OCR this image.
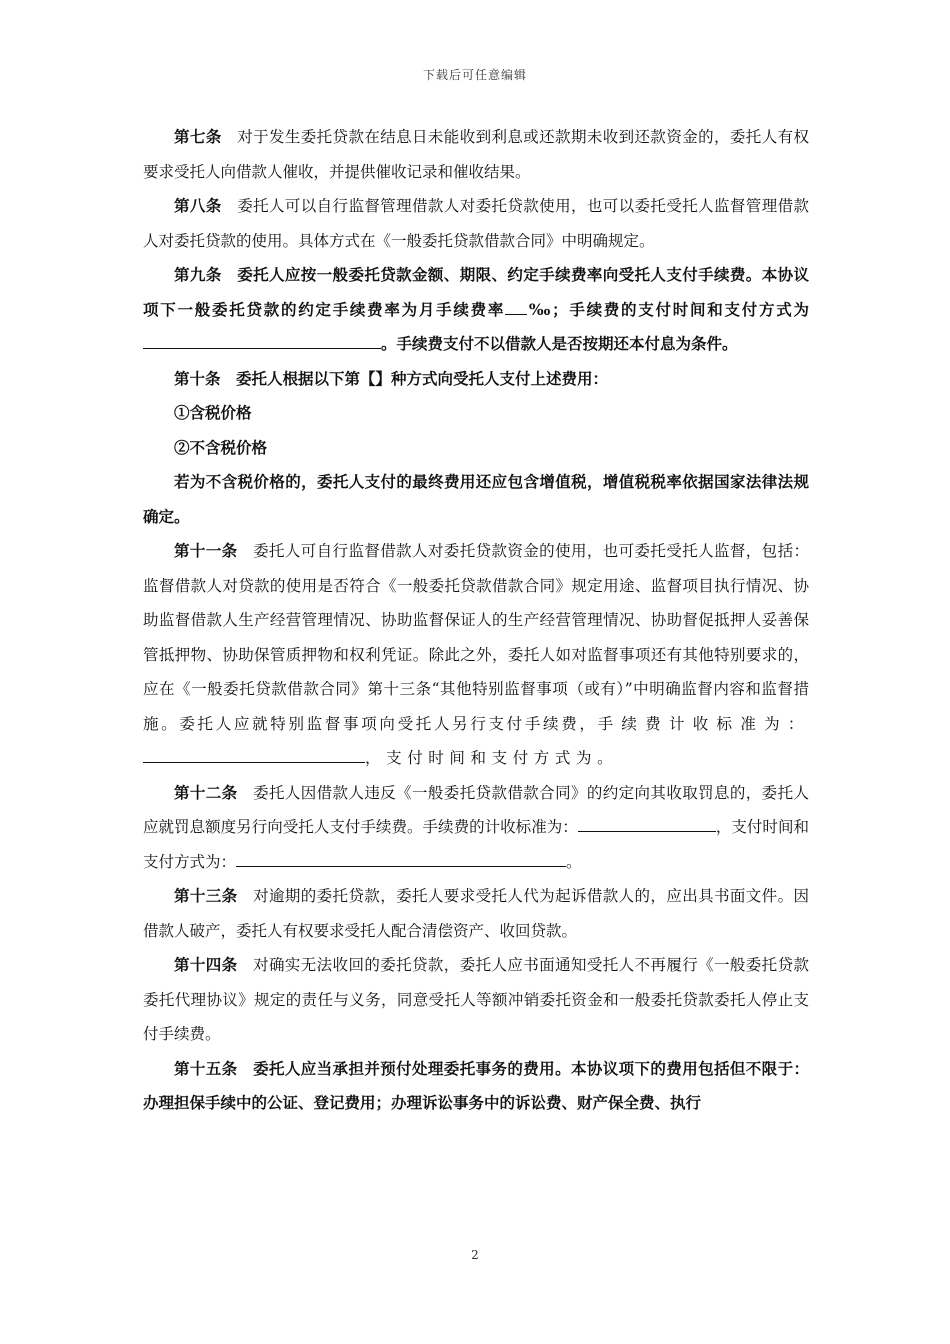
下载后可任意编辑

第七条 对于发生委托贷款在结息日未能收到利息或还款期未收到还款资金的，委托人有权要求受托人向借款人催收，并提供催收记录和催收结果。

第八条 委托人可以自行监督管理借款人对委托贷款使用，也可以委托受托人监督管理借款人对委托贷款的使用。具体方式在《一般委托贷款借款合同》中明确规定。

第九条 委托人应按一般委托贷款金额、期限、约定手续费率向受托人支付手续费。本协议项下一般委托贷款的约定手续费率为月手续费率 ‰；手续费的支付时间和支付方式为。手续费支付不以借款人是否按期还本付息为条件。

第十条 委托人根据以下第【】种方式向受托人支付上述费用：

①含税价格

②不含税价格

若为不含税价格的，委托人支付的最终费用还应包含增值税，增值税税率依据国家法律法规确定。

第十一条 委托人可自行监督借款人对委托贷款资金的使用，也可委托受托人监督，包括：监督借款人对贷款的使用是否符合《一般委托贷款借款合同》规定用途、监督项目执行情况、协助监督借款人生产经营管理情况、协助监督保证人的生产经营管理情况、协助督促抵押人妥善保管抵押物、协助保管质押物和权利凭证。除此之外，委托人如对监督事项还有其他特别要求的，应在《一般委托贷款借款合同》第十三条“其他特别监督事项（或有）”中明确监督内容和监督措施。委托人应就特别监督事项向受托人另行支付手续费，手续费计收标准为：，支付时间和支付方式为。

第十二条 委托人因借款人违反《一般委托贷款借款合同》的约定向其收取罚息的，委托人应就罚息额度另行向受托人支付手续费。手续费的计收标准为：	，支付时间和支付方式为：	。

第十三条 对逾期的委托贷款，委托人要求受托人代为起诉借款人的，应出具书面文件。因借款人破产，委托人有权要求受托人配合清偿资产、收回贷款。

第十四条 对确实无法收回的委托贷款，委托人应书面通知受托人不再履行《一般委托贷款委托代理协议》规定的责任与义务，同意受托人等额冲销委托资金和一般委托贷款委托人停止支付手续费。

第十五条 委托人应当承担并预付处理委托事务的费用。本协议项下的费用包括但不限于：办理担保手续中的公证、登记费用；办理诉讼事务中的诉讼费、财产保全费、执行

2
